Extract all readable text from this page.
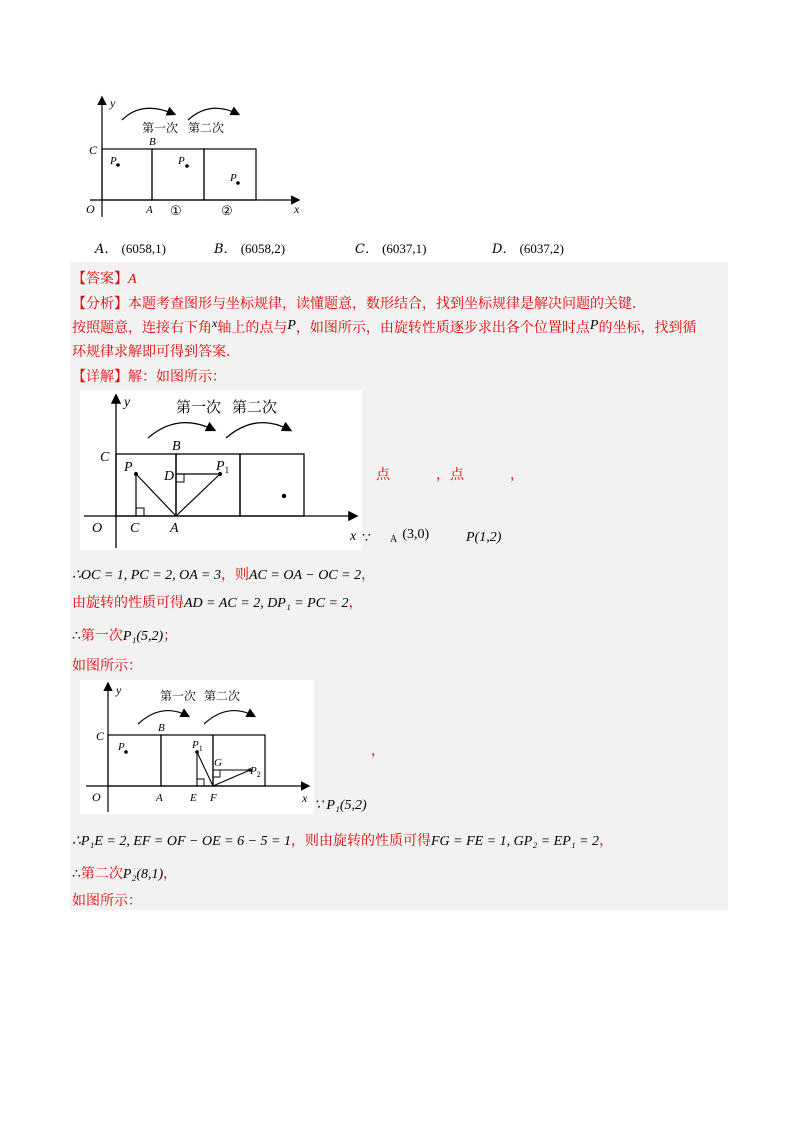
y
x
O
C
B
A
P	P
P
第一次 第二次
①	②
A． (6058,1)	B． (6058,2)	C． (6037,1)	D． (6037,2)
【答案】A
【分析】本题考查图形与坐标规律，读懂题意，数形结合，找到坐标规律是解决问题的关键．
按照题意，连接右下角x轴上的点与P，如图所示，由旋转性质逐步求出各个位置时点P的坐标，找到循
环规律求解即可得到答案．
【详解】解：如图所示：
y
x
O
C
B
P
D
$P_1$
C A
第一次 第二次
点	，点	，
∵ A (3,0)	P(1,2)
∴OC = 1, PC = 2, OA = 3，则AC = OA − OC = 2，
由旋转的性质可得AD = AC = 2, DP₁ = PC = 2，
∴第一次P₁(5,2)；
如图所示：
y
x
O
C
B
A
P	$P_1$
G
$P_2$
E F
第一次 第二次
，
∵ P₁(5,2)
∴P₁E = 2, EF = OF − OE = 6 − 5 = 1，则由旋转的性质可得FG = FE = 1, GP₂ = EP₁ = 2，
∴第二次P₂(8,1)，
如图所示：
